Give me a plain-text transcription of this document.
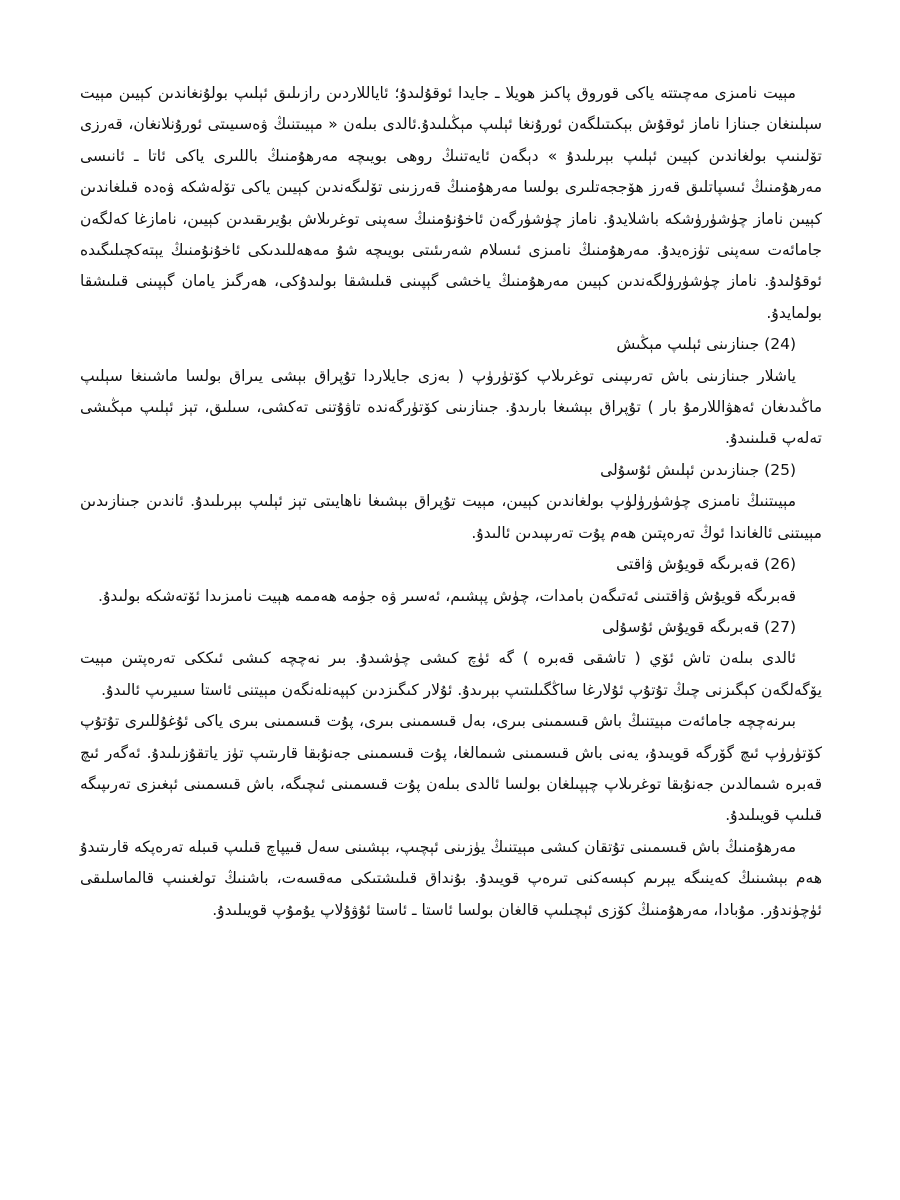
مېيت نامىزى مەچىتتە ياكى قوروق پاكىز ھويلا ـ جايدا ئوقۇلىدۇ؛ ئاياللاردىن رازىلىق ئېلىپ بولۇنغاندىن كېيىن مېيت سېلىنغان جىنازا ناماز ئوقۇش بېكىتىلگەن ئورۇنغا ئېلىپ مېڭىلىدۇ.ئالدى بىلەن « مېيىتنىڭ ۋەسىيىتى ئورۇنلانغان، قەرزى تۆلىنىپ بولغاندىن كېيىن ئېلىپ بېرىلىدۇ » دېگەن ئايەتنىڭ روھى بويىچە مەرھۇمنىڭ باللىرى ياكى ئاتا ـ ئانىسى مەرھۇمنىڭ ئىسپاتلىق قەرز ھۆججەتلىرى بولسا مەرھۇمنىڭ قەرزىنى تۆلىگەندىن كېيىن ياكى تۆلەشكە ۋەدە قىلغاندىن كېيىن ناماز چۈشۈرۈشكە باشلايدۇ. ناماز چۈشۈرگەن ئاخۇنۇمنىڭ سەپنى توغرىلاش بۇيرىقىدىن كېيىن، نامازغا كەلگەن جامائەت سەپنى تۈزەيدۇ. مەرھۇمنىڭ نامىزى ئىسلام شەرىئىتى بويىچە شۇ مەھەللىدىكى ئاخۇنۇمنىڭ يېتەكچىلىگىدە ئوقۇلىدۇ. ناماز چۈشۈرۈلگەندىن كېيىن مەرھۇمنىڭ ياخشى گېپىنى قىلىشقا بولىدۇكى، ھەرگىز يامان گېپىنى قىلىشقا بولمايدۇ.

(24) جىنازىنى ئېلىپ مېڭىش

ياشلار جىنازىنى باش تەرىپىنى توغرىلاپ كۆتۈرۈپ ( بەزى جايلاردا تۇپراق بېشى يىراق بولسا ماشىنغا سېلىپ ماڭىدىغان ئەھۋاللارمۇ بار ) تۇپراق بېشىغا بارىدۇ. جىنازىنى كۆتۈرگەندە تاۋۇتنى تەكشى، سىلىق، تېز ئېلىپ مېڭىشى تەلەپ قىلىنىدۇ.

(25) جىنازىدىن ئېلىش ئۇسۇلى

مېيىتنىڭ نامىزى چۈشۈرۈلۈپ بولغاندىن كېيىن، مېيت تۇپراق بېشىغا ناھايىتى تېز ئېلىپ بېرىلىدۇ. ئاندىن جىنازىدىن مېيىتنى ئالغاندا ئوڭ تەرەپتىن ھەم پۇت تەرىپىدىن ئالىدۇ.

(26) قەبرىگە قويۇش ۋاقتى

قەبرىگە قويۇش ۋاقتىنى ئەتىگەن بامدات، چۈش پېشىم، ئەسىر ۋە جۈمە ھەممە ھېيت نامىزىدا ئۆتەشكە بولىدۇ.

(27) قەبرىگە قويۇش ئۇسۇلى

ئالدى بىلەن تاش ئۆي ( تاشقى قەبرە ) گە ئۈچ كىشى چۈشىدۇ. بىر نەچچە كىشى ئىككى تەرەپتىن مېيت يۆگەلگەن كېگىزنى چىڭ تۇتۇپ ئۇلارغا ساڭگىلىتىپ بېرىدۇ. ئۇلار كىگىزدىن كېپەنلەنگەن مېيتنى ئاستا سىيرىپ ئالىدۇ.

بىرنەچچە جامائەت مېيتنىڭ باش قىسمىنى بىرى، بەل قىسمىنى بىرى، پۇت قىسمىنى بىرى ياكى ئۇغۇللىرى تۇتۇپ كۆتۈرۈپ ئىچ گۆرگە قويىدۇ، يەنى باش قىسمىنى شىمالغا، پۇت قىسمىنى جەنۇبقا قارىتىپ تۈز ياتقۇزىلىدۇ. ئەگەر ئىچ قەبرە شىمالدىن جەنۇبقا توغرىلاپ چېپىلغان بولسا ئالدى بىلەن پۇت قىسمىنى ئىچىگە، باش قىسمىنى ئېغىزى تەرىپىگە قىلىپ قويىلىدۇ.

مەرھۇمنىڭ باش قىسمىنى تۇتقان كىشى مېيتنىڭ يۈزىنى ئېچىپ، بېشىنى سەل قىيپاچ قىلىپ قىبلە تەرەپكە قارىتىدۇ ھەم بېشىنىڭ كەينىگە يېرىم كېسەكنى تىرەپ قويىدۇ. بۇنداق قىلىشتىكى مەقسەت، باشنىڭ تولغىنىپ قالماسلىقى ئۈچۈندۇر. مۇبادا، مەرھۇمنىڭ كۆزى ئېچىلىپ قالغان بولسا ئاستا ـ ئاستا ئۇۋۇلاپ يۇمۇپ قويىلىدۇ.
